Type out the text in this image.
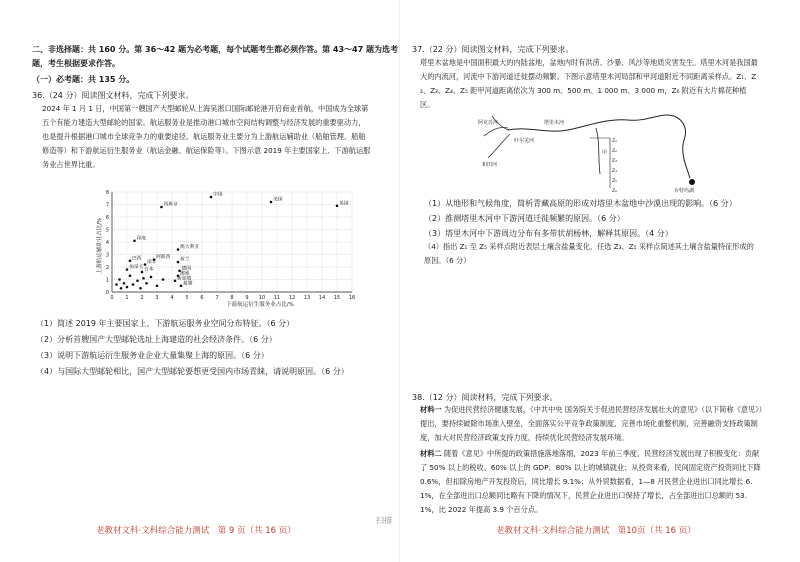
二、非选择题：共 160 分。第 36～42 题为必考题，每个试题考生都必须作答。第 43～47 题为选考
题，考生根据要求作答。
（一）必考题：共 135 分。
36.（24 分）阅读图文材料，完成下列要求。
2024 年 1 月 1 日，中国第一艘国产大型邮轮从上海吴淞口国际邮轮港开启商业首航，中国成为全球第五个有能力建造大型邮轮的国家。航运服务业是推动港口城市空间结构调整与经济发展的重要驱动力，也是提升根据港口城市全球竞争力的重要途径。航运服务业主要分为上游航运辅助业（船舶管理、船舶修造等）和下游航运衍生服务业（航运金融、航运保险等）。下图示意 2019 年主要国家上、下游航运服务业占世界比重。
0 1 2 3 4 5 6 7 8 9 10 11 12 13 14 15 16
0
1
2
3
4
5
6
7
8	中国
美国
英国
西班牙
印度
巴西
加拿大
南非
阿联酋
日本
澳大利亚
荷兰
德国
挪威
新加坡
希腊
下游航运衍生服务业占比/%
上游航运辅助业占比/%
（1）简述 2019 年主要国家上、下游航运服务业空间分布特征。（6 分）
（2）分析首艘国产大型邮轮选址上海建造的社会经济条件。（6 分）
（3）说明下游航运衍生服务业企业大量集聚上海的原因。（6 分）
（4）与国际大型邮轮相比，国产大型邮轮要想更受国内市场青睐，请说明原因。（6 分）
老教材文科·文科综合能力测试　第 9 页（共 16 页）
37.（22 分）阅读图文材料，完成下列要求。
塔里木盆地是中国面积最大的内陆盆地，盆地内时有洪涝、沙暴、风沙等地质灾害发生。塔里木河是我国最大的内流河，河流中下游河道迁徙摆动频繁。下图示意塔里木河局部和甲河道附近不同距离采样点。Z₁、Z₂、Z₃、Z₄、Z₅ 距甲河道距离依次为 300 m、500 m、1 000 m、3 000 m，Z₆ 附近有大片棉花种植区。
阿克苏河
叶尔羌河
和田河
塔里木河
甲
台特玛湖
Z₁
Z₂
Z₃
Z₄
Z₅
Z₆
（1）从地形和气候角度，简析青藏高原的形成对塔里木盆地中沙漠出现的影响。（6 分）
（2）推测塔里木河中下游河道迁徙频繁的原因。（6 分）
（3）塔里木河中下游周边分布有多带状胡杨林，解释其原因。（4 分）
（4）指出 Z₁ 至 Z₅ 采样点附近表层土壤含盐量变化，任选 Z₃、Z₅ 采样点简述其土壤含盐量特征形成的原因。（6 分）
38.（12 分）阅读材料，完成下列要求。
材料一 为促进民营经济健康发展，《中共中央 国务院关于促进民营经济发展壮大的意见》（以下简称《意见》）提出，要持续破除市场准入壁垒，全面落实公平竞争政策制度，完善市场化重整机制，完善融资支持政策制度，加大对民营经济政策支持力度，持续优化民营经济发展环境。
材料二 随着《意见》中所提的政策措施落地落细，2023 年前三季度，民营经济发展出现了积极变化：贡献了 50% 以上的税收、60% 以上的 GDP、80% 以上的城镇就业；从投资来看，民间固定资产投资同比下降 0.6%，但扣除房地产开发投资后，同比增长 9.1%；从外贸数据看，1—8 月民营企业进出口同比增长 6.1%，在全部进出口总额同比略有下降的情况下，民营企业进出口保持了增长，占全部进出口总额的 53.1%，比 2022 年提高 3.9 个百分点。
老教材文科·文科综合能力测试　第10页（共 16 页）
扫描
